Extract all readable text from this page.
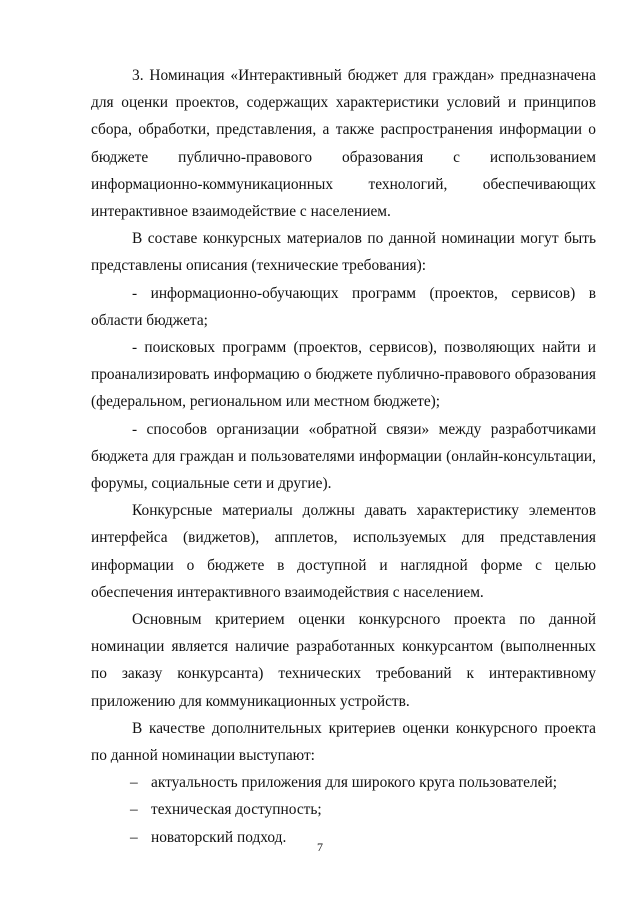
3. Номинация «Интерактивный бюджет для граждан» предназначена для оценки проектов, содержащих характеристики условий и принципов сбора, обработки, представления, а также распространения информации о бюджете публично-правового образования с использованием информационно-коммуникационных технологий, обеспечивающих интерактивное взаимодействие с населением.

В составе конкурсных материалов по данной номинации могут быть представлены описания (технические требования):

- информационно-обучающих программ (проектов, сервисов) в области бюджета;

- поисковых программ (проектов, сервисов), позволяющих найти и проанализировать информацию о бюджете публично-правового образования (федеральном, региональном или местном бюджете);

- способов организации «обратной связи» между разработчиками бюджета для граждан и пользователями информации (онлайн-консультации, форумы, социальные сети и другие).

Конкурсные материалы должны давать характеристику элементов интерфейса (виджетов), апплетов, используемых для представления информации о бюджете в доступной и наглядной форме с целью обеспечения интерактивного взаимодействия с населением.

Основным критерием оценки конкурсного проекта по данной номинации является наличие разработанных конкурсантом (выполненных по заказу конкурсанта) технических требований к интерактивному приложению для коммуникационных устройств.

В качестве дополнительных критериев оценки конкурсного проекта по данной номинации выступают:

– актуальность приложения для широкого круга пользователей;
– техническая доступность;
– новаторский подход.
7
